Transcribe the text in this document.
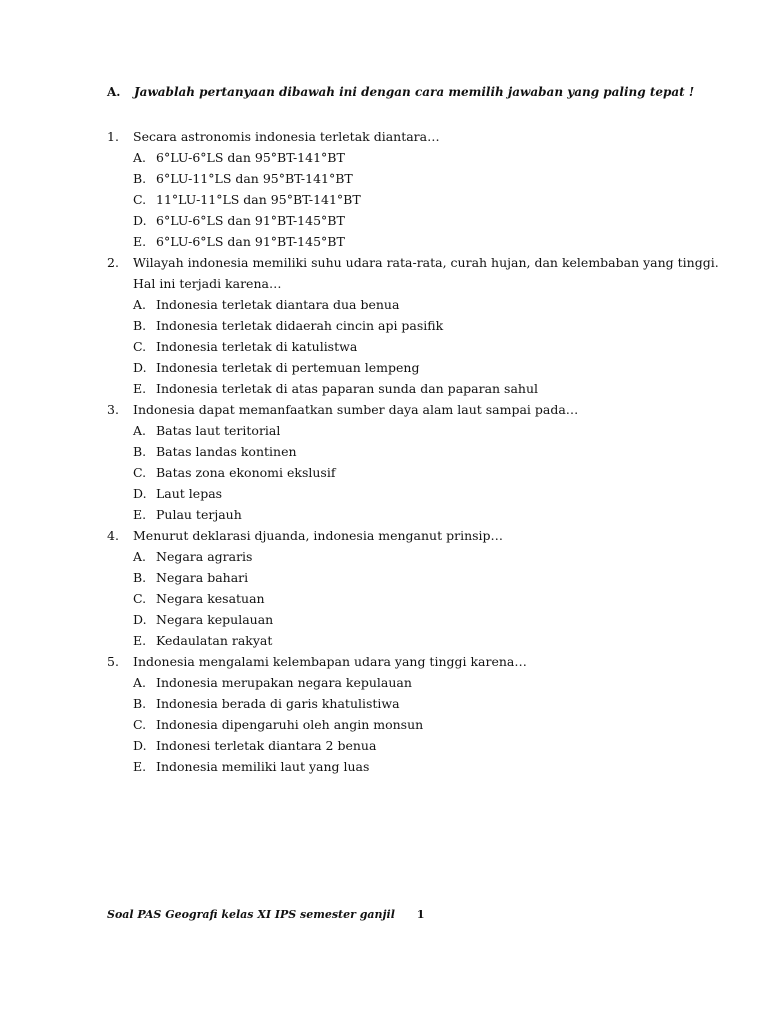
A. Jawablah pertanyaan dibawah ini dengan cara memilih jawaban yang paling tepat !
1. Secara astronomis indonesia terletak diantara…
A. 6°LU-6°LS dan 95°BT-141°BT
B. 6°LU-11°LS dan 95°BT-141°BT
C. 11°LU-11°LS dan 95°BT-141°BT
D. 6°LU-6°LS dan 91°BT-145°BT
E. 6°LU-6°LS dan 91°BT-145°BT
2. Wilayah indonesia memiliki suhu udara rata-rata, curah hujan, dan kelembaban yang tinggi.
Hal ini terjadi karena…
A. Indonesia terletak diantara dua benua
B. Indonesia terletak didaerah cincin api pasifik
C. Indonesia terletak di katulistwa
D. Indonesia terletak di pertemuan lempeng
E. Indonesia terletak di atas paparan sunda dan paparan sahul
3. Indonesia dapat memanfaatkan sumber daya alam laut sampai pada…
A. Batas laut teritorial
B. Batas landas kontinen
C. Batas zona ekonomi ekslusif
D. Laut lepas
E. Pulau terjauh
4. Menurut deklarasi djuanda, indonesia menganut prinsip…
A. Negara agraris
B. Negara bahari
C. Negara kesatuan
D. Negara kepulauan
E. Kedaulatan rakyat
5. Indonesia mengalami kelembapan udara yang tinggi karena…
A. Indonesia merupakan negara kepulauan
B. Indonesia berada di garis khatulistiwa
C. Indonesia dipengaruhi oleh angin monsun
D. Indonesi terletak diantara 2 benua
E. Indonesia memiliki laut yang luas
Soal PAS Geografi kelas XI IPS semester ganjil 1
